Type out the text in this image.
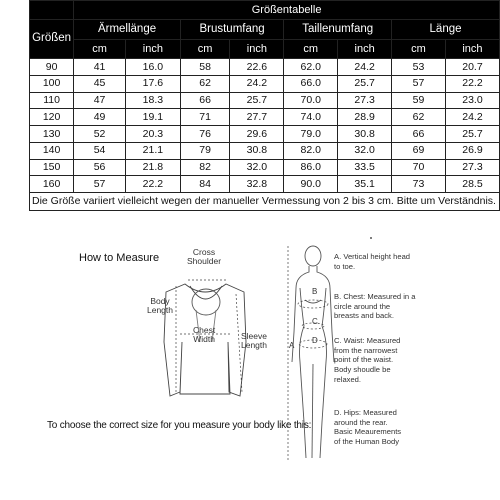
	Größentabelle							
Größen	Ärmellänge		Brustumfang		Taillenumfang		Länge	
	cm	inch	cm	inch	cm	inch	cm	inch
90	41	16.0	58	22.6	62.0	24.2	53	20.7
100	45	17.6	62	24.2	66.0	25.7	57	22.2
110	47	18.3	66	25.7	70.0	27.3	59	23.0
120	49	19.1	71	27.7	74.0	28.9	62	24.2
130	52	20.3	76	29.6	79.0	30.8	66	25.7
140	54	21.1	79	30.8	82.0	32.0	69	26.9
150	56	21.8	82	32.0	86.0	33.5	70	27.3
160	57	22.2	84	32.8	90.0	35.1	73	28.5
Die Größe variiert vielleicht wegen der manueller Vermessung von 2 bis 3 cm. Bitte um Verständnis.								
How to Measure	Cross
Shoulder
Body
Length
Chest
Width	Sleeve
Length
To choose the correct size for you measure your body like this:
B
C
D
A
A. Vertical height head
to toe.
B. Chest: Measured in a
circle around the
breasts and back.
C. Waist: Measured
from the narrowest
point of the waist.
Body shoudle be
relaxed.
D. Hips: Measured
around the rear.
Basic Meaurements
of the Human Body
